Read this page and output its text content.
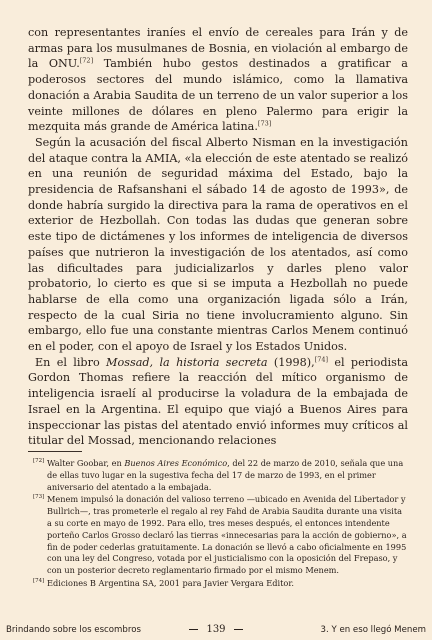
con representantes iraníes el envío de cereales para Irán y de armas para los musulmanes de Bosnia, en violación al embargo de la ONU.[72] También hubo gestos destinados a gratificar a poderosos sectores del mundo islámico, como la llamativa donación a Arabia Saudita de un terreno de un valor superior a los veinte millones de dólares en pleno Palermo para erigir la mezquita más grande de América latina.[73]

Según la acusación del fiscal Alberto Nisman en la investigación del ataque contra la AMIA, «la elección de este atentado se realizó en una reunión de seguridad máxima del Estado, bajo la presidencia de Rafsanshani el sábado 14 de agosto de 1993», de donde habría surgido la directiva para la rama de operativos en el exterior de Hezbollah. Con todas las dudas que generan sobre este tipo de dictámenes y los informes de inteligencia de diversos países que nutrieron la investigación de los atentados, así como las dificultades para judicializarlos y darles pleno valor probatorio, lo cierto es que si se imputa a Hezbollah no puede hablarse de ella como una organización ligada sólo a Irán, respecto de la cual Siria no tiene involucramiento alguno. Sin embargo, ello fue una constante mientras Carlos Menem continuó en el poder, con el apoyo de Israel y los Estados Unidos.

En el libro Mossad, la historia secreta (1998),[74] el periodista Gordon Thomas refiere la reacción del mítico organismo de inteligencia israelí al producirse la voladura de la embajada de Israel en la Argentina. El equipo que viajó a Buenos Aires para inspeccionar las pistas del atentado envió informes muy críticos al titular del Mossad, mencionando relaciones

[72] Walter Goobar, en Buenos Aires Económico, del 22 de marzo de 2010, señala que una de ellas tuvo lugar en la sugestiva fecha del 17 de marzo de 1993, en el primer aniversario del atentado a la embajada.

[73] Menem impulsó la donación del valioso terreno —ubicado en Avenida del Libertador y Bullrich—, tras prometerle el regalo al rey Fahd de Arabia Saudita durante una visita a su corte en mayo de 1992. Para ello, tres meses después, el entonces intendente porteño Carlos Grosso declaró las tierras «innecesarias para la acción de gobierno», a fin de poder cederlas gratuitamente. La donación se llevó a cabo oficialmente en 1995 con una ley del Congreso, votada por el justicialismo con la oposición del Frepaso, y con un posterior decreto reglamentario firmado por el mismo Menem.

[74] Ediciones B Argentina SA, 2001 para Javier Vergara Editor.

Brindando sobre los escombros	139	3. Y en eso llegó Menem
